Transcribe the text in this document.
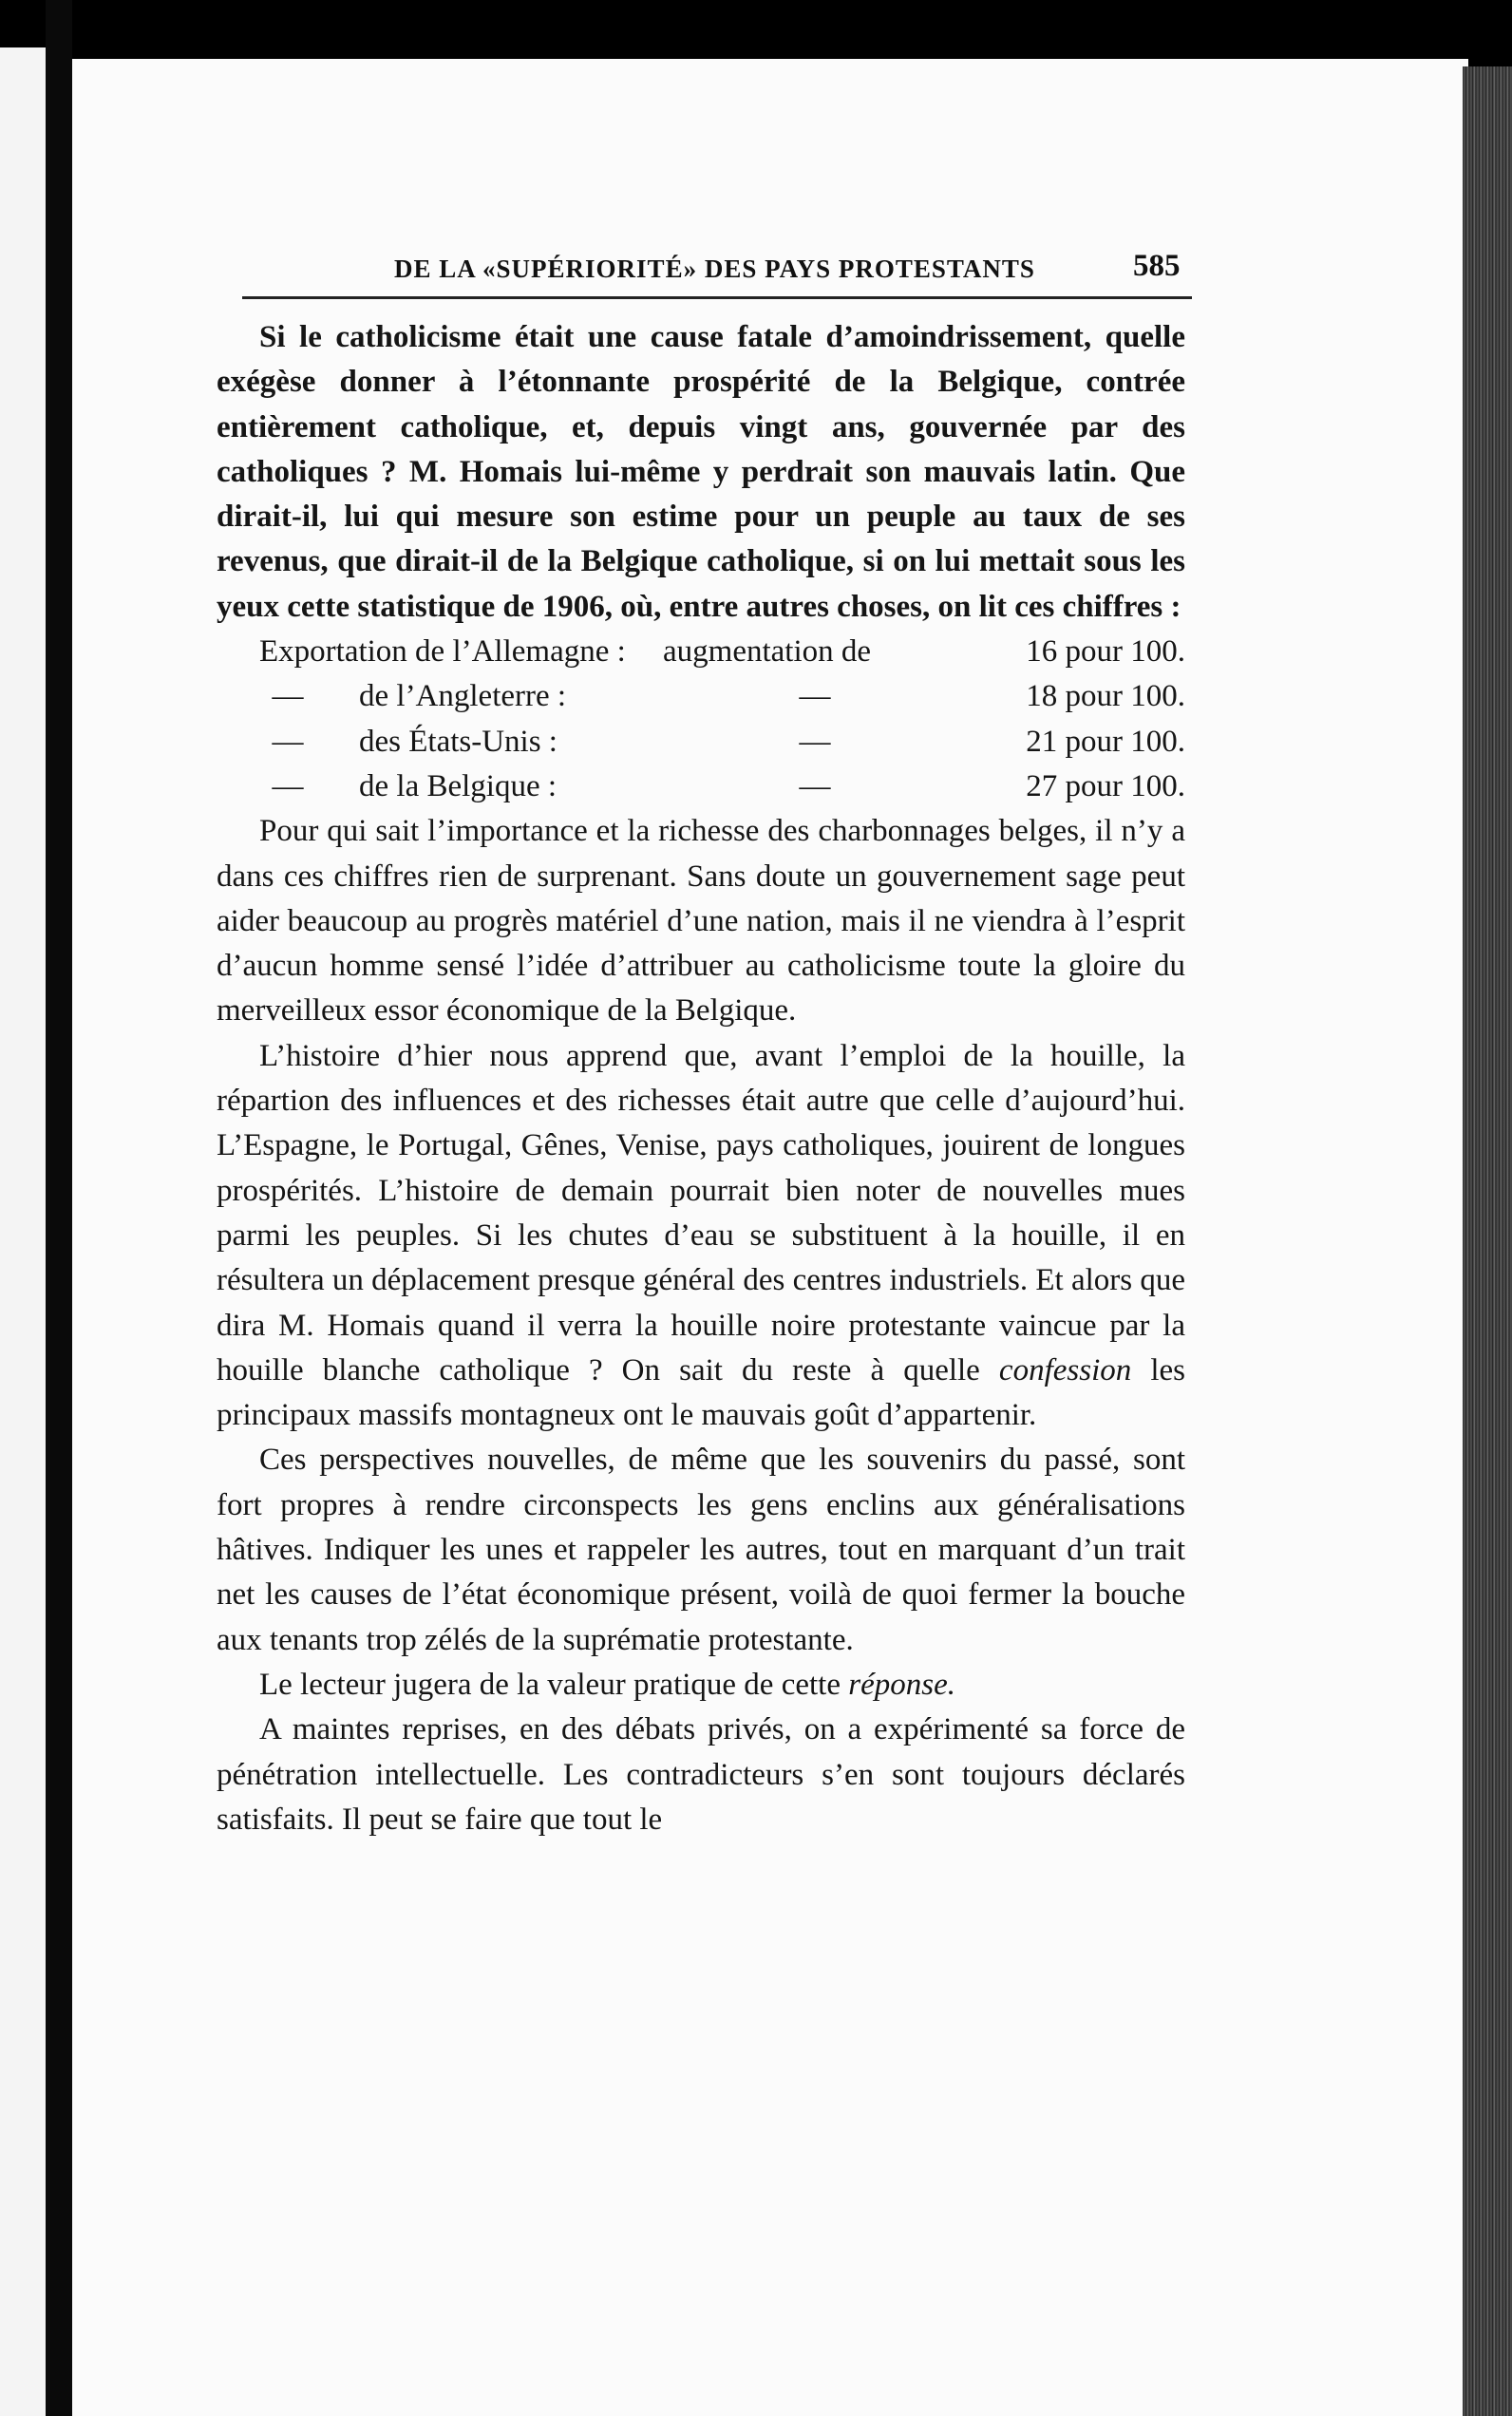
DE LA «SUPÉRIORITÉ» DES PAYS PROTESTANTS	585

Si le catholicisme était une cause fatale d’amoindrissement, quelle exégèse donner à l’étonnante prospérité de la Belgique, contrée entièrement catholique, et, depuis vingt ans, gouvernée par des catholiques ? M. Homais lui-même y perdrait son mauvais latin. Que dirait-il, lui qui mesure son estime pour un peuple au taux de ses revenus, que dirait-il de la Belgique catholique, si on lui mettait sous les yeux cette statistique de 1906, où, entre autres choses, on lit ces chiffres :

Exportation de l’Allemagne :	augmentation de	16 pour 100.
— de l’Angleterre :	—	18 pour 100.
— des États-Unis :	—	21 pour 100.
— de la Belgique :	—	27 pour 100.

Pour qui sait l’importance et la richesse des charbonnages belges, il n’y a dans ces chiffres rien de surprenant. Sans doute un gouvernement sage peut aider beaucoup au progrès matériel d’une nation, mais il ne viendra à l’esprit d’aucun homme sensé l’idée d’attribuer au catholicisme toute la gloire du merveilleux essor économique de la Belgique.

L’histoire d’hier nous apprend que, avant l’emploi de la houille, la répartion des influences et des richesses était autre que celle d’aujourd’hui. L’Espagne, le Portugal, Gênes, Venise, pays catholiques, jouirent de longues prospérités. L’histoire de demain pourrait bien noter de nouvelles mues parmi les peuples. Si les chutes d’eau se substituent à la houille, il en résultera un déplacement presque général des centres industriels. Et alors que dira M. Homais quand il verra la houille noire protestante vaincue par la houille blanche catholique ? On sait du reste à quelle confession les principaux massifs montagneux ont le mauvais goût d’appartenir.

Ces perspectives nouvelles, de même que les souvenirs du passé, sont fort propres à rendre circonspects les gens enclins aux généralisations hâtives. Indiquer les unes et rappeler les autres, tout en marquant d’un trait net les causes de l’état économique présent, voilà de quoi fermer la bouche aux tenants trop zélés de la suprématie protestante.

Le lecteur jugera de la valeur pratique de cette réponse.

A maintes reprises, en des débats privés, on a expérimenté sa force de pénétration intellectuelle. Les contradicteurs s’en sont toujours déclarés satisfaits. Il peut se faire que tout le
